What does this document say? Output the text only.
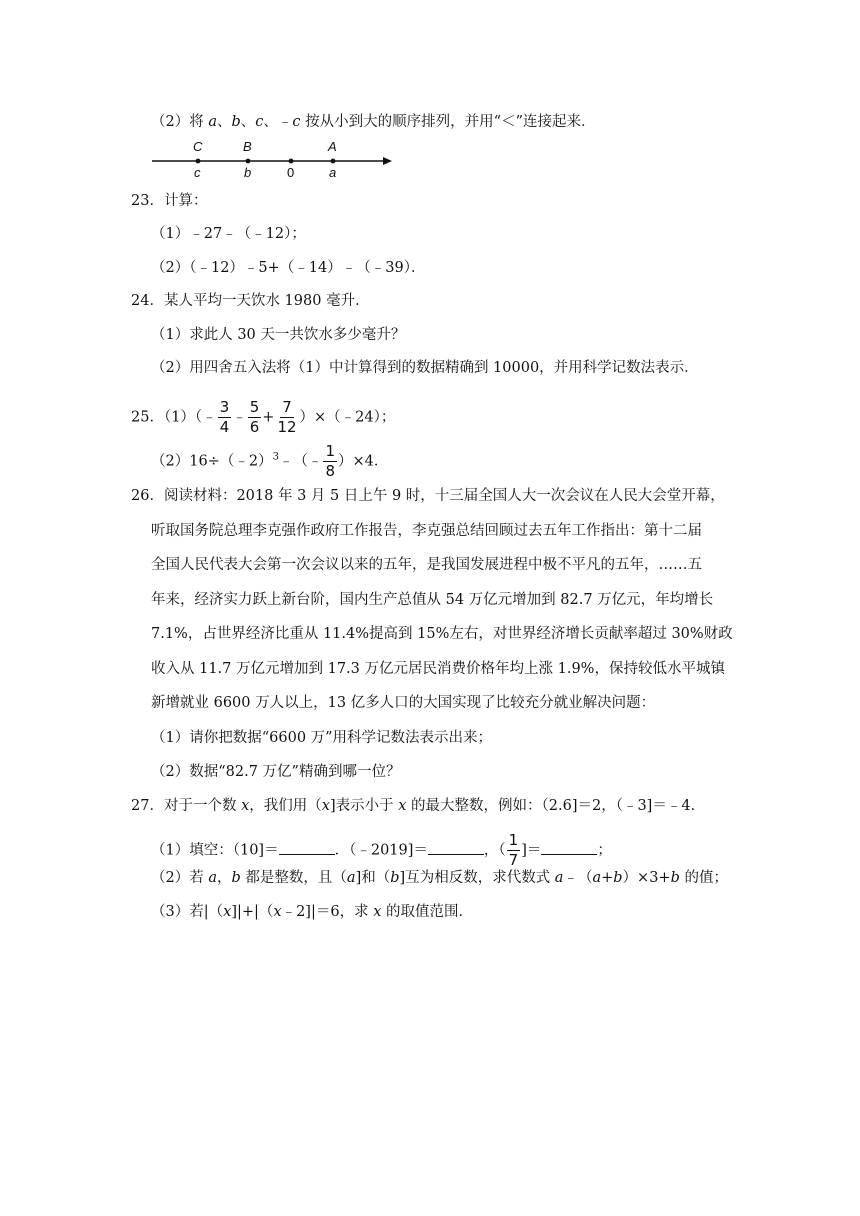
（2）将 a、b、c、﹣c 按从小到大的顺序排列，并用“＜”连接起来．
C	B	A
c	b	0	a
23．计算：
（1）﹣27﹣（﹣12）；
（2）（﹣12）﹣5+（﹣14）﹣（﹣39）．
24．某人平均一天饮水 1980 毫升．
（1）求此人 30 天一共饮水多少毫升？
（2）用四舍五入法将（1）中计算得到的数据精确到 10000，并用科学记数法表示．
25．（1）（﹣ $\frac{3}{4}$ ﹣ $\frac{5}{6} + \frac{7}{12}$ ）×（﹣24）；
（2）16÷（﹣2）$^3$﹣（﹣ $\frac{1}{8} )\times 4$．
26．阅读材料：2018 年 3 月 5 日上午 9 时，十三届全国人大一次会议在人民大会堂开幕，
听取国务院总理李克强作政府工作报告，李克强总结回顾过去五年工作指出：第十二届
全国人民代表大会第一次会议以来的五年，是我国发展进程中极不平凡的五年，……五
年来，经济实力跃上新台阶，国内生产总值从 54 万亿元增加到 82.7 万亿元，年均增长
7.1%，占世界经济比重从 11.4%提高到 15%左右，对世界经济增长贡献率超过 30%财政
收入从 11.7 万亿元增加到 17.3 万亿元居民消费价格年均上涨 1.9%，保持较低水平城镇
新增就业 6600 万人以上，13 亿多人口的大国实现了比较充分就业解决问题：
（1）请你把数据“6600 万”用科学记数法表示出来；
（2）数据“82.7 万亿”精确到哪一位？
27．对于一个数 x，我们用（x]表示小于 x 的最大整数，例如：（2.6]＝2，（﹣3]＝﹣4．
（1）填空：（10]＝	．（﹣2019]＝	，（ $\frac{1}{7}$ ]＝	；
（2）若 a，b 都是整数，且（a]和（b]互为相反数，求代数式 a﹣（a+b）×3+b 的值；
（3）若|（x]|+|（x﹣2]|＝6，求 x 的取值范围．
